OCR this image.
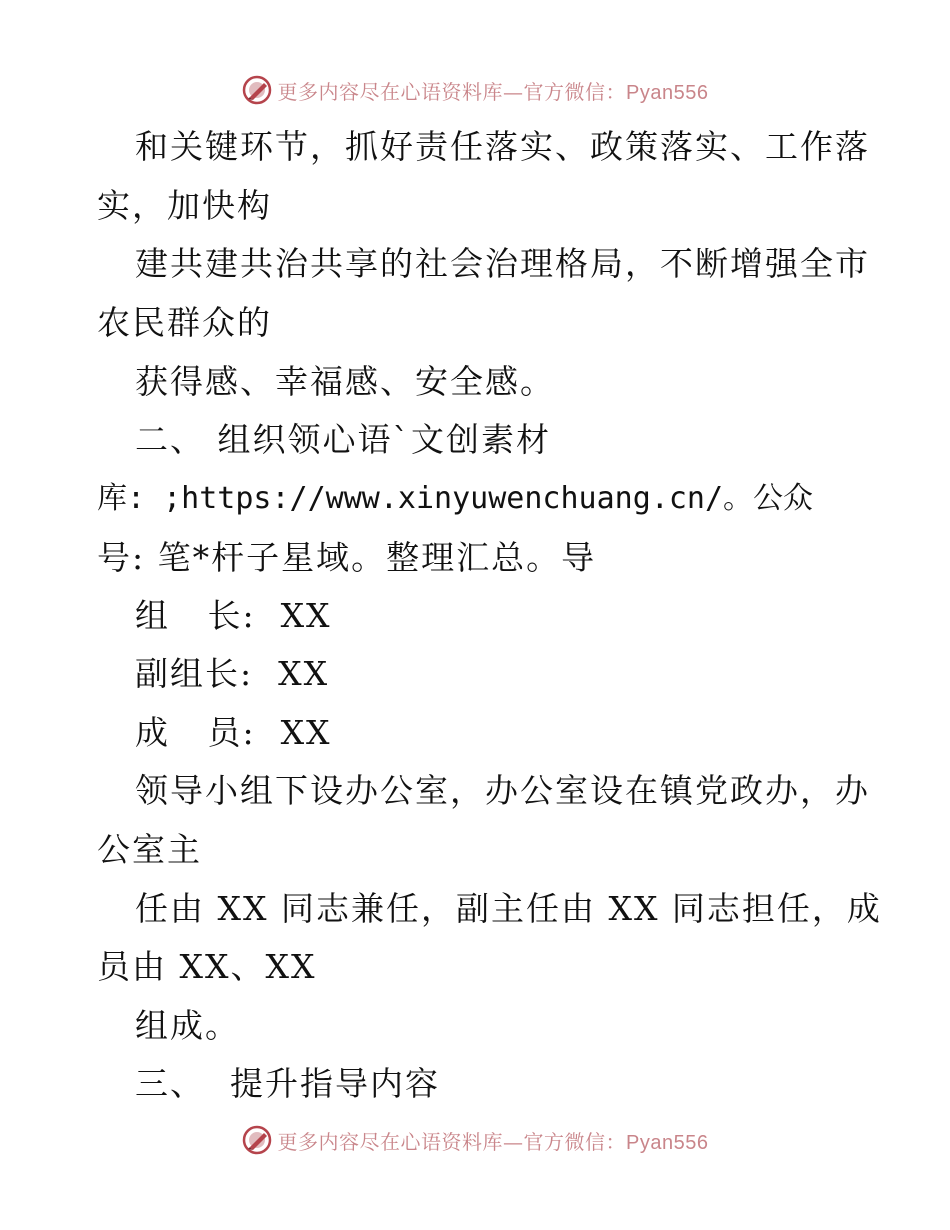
更多内容尽在心语资料库—官方微信：Pyan556
和关键环节，抓好责任落实、政策落实、工作落
实，加快构
建共建共治共享的社会治理格局，不断增强全市
农民群众的
获得感、幸福感、安全感。
二、 组织领心语`文创素材
库: ;https://www.xinyuwenchuang.cn/。公众
号: 笔*杆子星域。整理汇总。导
组   长:  XX
副组长:  XX
成   员:  XX
领导小组下设办公室，办公室设在镇党政办，办
公室主
任由 XX 同志兼任，副主任由 XX 同志担任，成
员由 XX、XX
组成。
三、  提升指导内容
更多内容尽在心语资料库—官方微信：Pyan556
